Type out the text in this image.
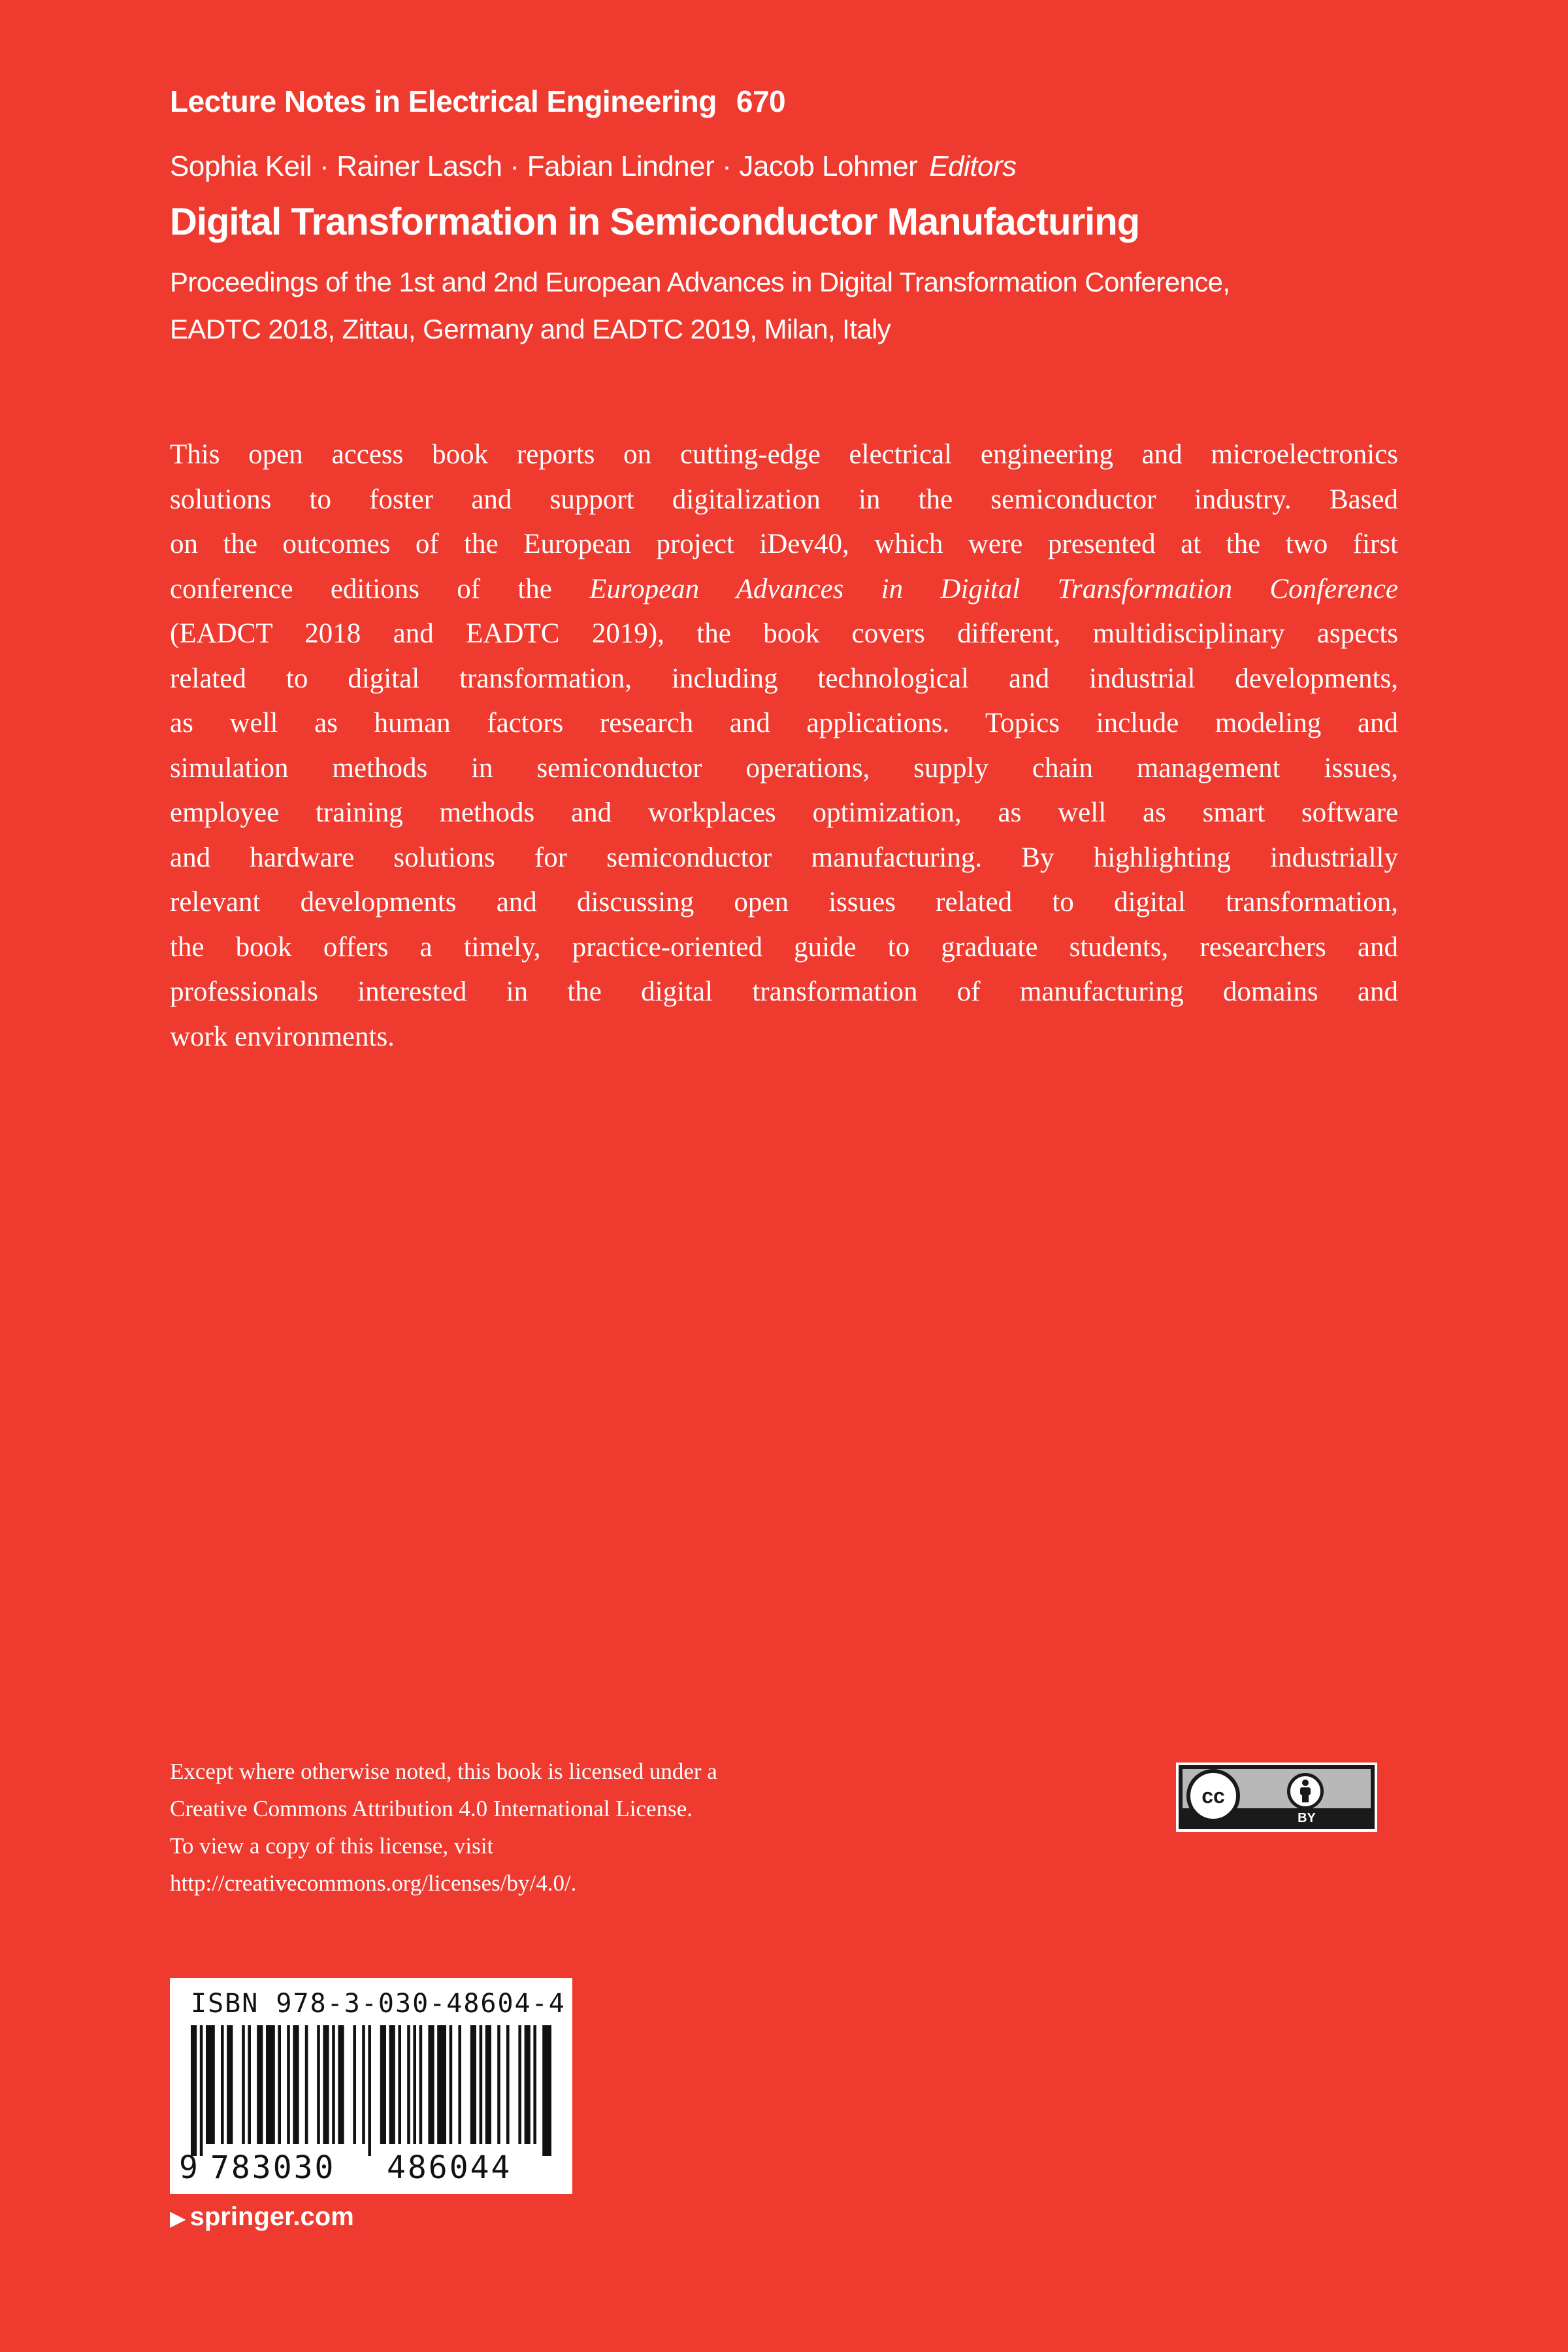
Lecture Notes in Electrical Engineering 670
Sophia Keil · Rainer Lasch · Fabian Lindner · Jacob Lohmer Editors
Digital Transformation in Semiconductor Manufacturing
Proceedings of the 1st and 2nd European Advances in Digital Transformation Conference,
EADTC 2018, Zittau, Germany and EADTC 2019, Milan, Italy
This open access book reports on cutting-edge electrical engineering and microelectronics
solutions to foster and support digitalization in the semiconductor industry. Based
on the outcomes of the European project iDev40, which were presented at the two first
conference editions of the European Advances in Digital Transformation Conference
(EADCT 2018 and EADTC 2019), the book covers different, multidisciplinary aspects
related to digital transformation, including technological and industrial developments,
as well as human factors research and applications. Topics include modeling and
simulation methods in semiconductor operations, supply chain management issues,
employee training methods and workplaces optimization, as well as smart software
and hardware solutions for semiconductor manufacturing. By highlighting industrially
relevant developments and discussing open issues related to digital transformation,
the book offers a timely, practice-oriented guide to graduate students, researchers and
professionals interested in the digital transformation of manufacturing domains and
work environments.
Except where otherwise noted, this book is licensed under a
Creative Commons Attribution 4.0 International License.
To view a copy of this license, visit
http://creativecommons.org/licenses/by/4.0/.
cc
BY
ISBN 978-3-030-48604-4
9 783030 486044
▶ springer.com
